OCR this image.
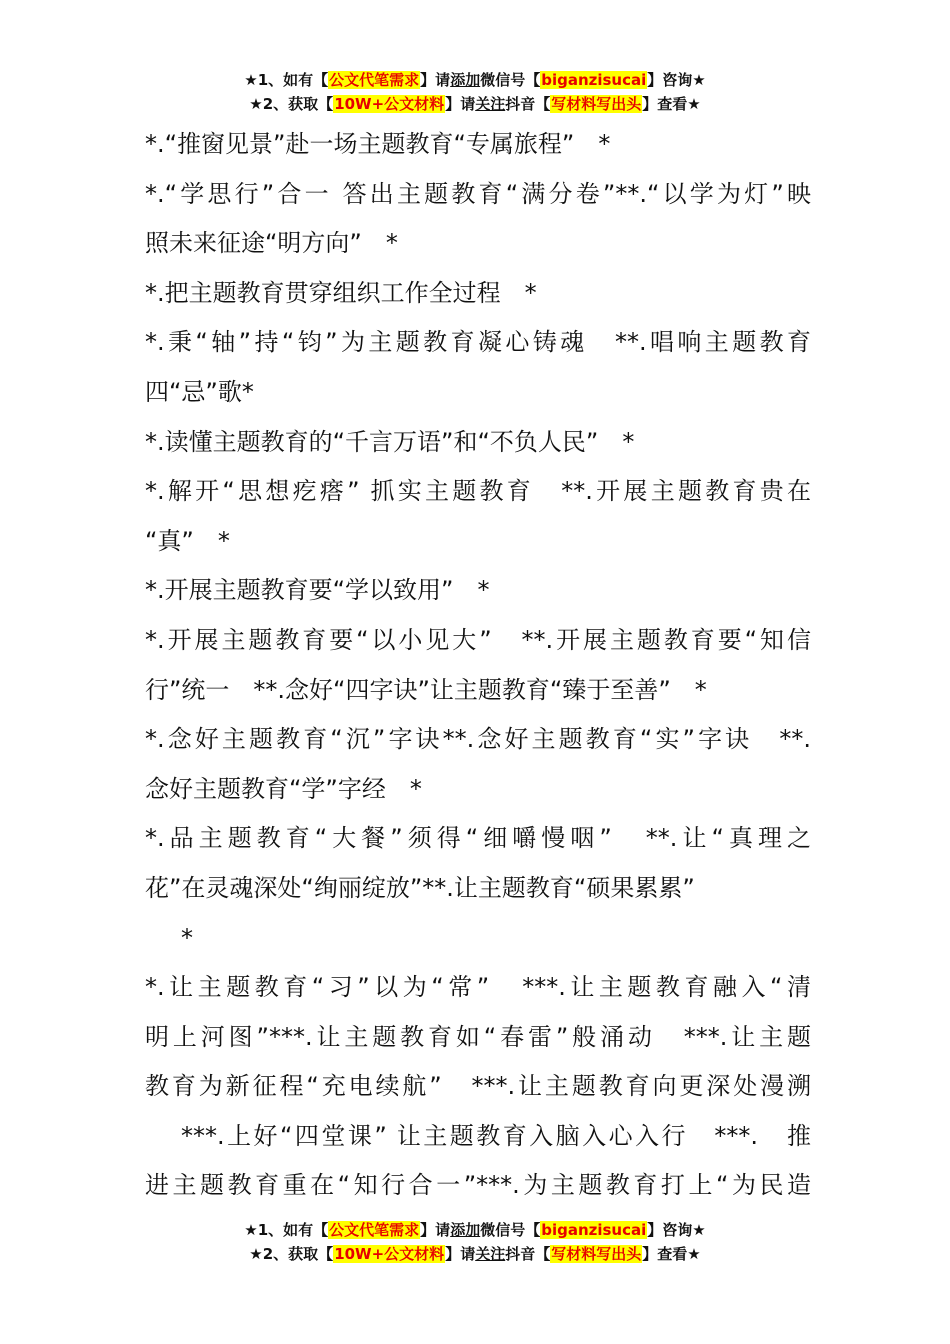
★1、如有【公文代笔需求】请添加微信号【biganzisucai】咨询★
★2、获取【10W+公文材料】请关注抖音【写材料写出头】查看★
*.“推窗见景”赴一场主题教育“专属旅程”　*
*.“学思行”合一 答出主题教育“满分卷”**.“以学为灯”映
照未来征途“明方向”　*
*.把主题教育贯穿组织工作全过程　*
*.秉“轴”持“钧”为主题教育凝心铸魂　**.唱响主题教育
四“忌”歌*
*.读懂主题教育的“千言万语”和“不负人民”　*
*.解开“思想疙瘩” 抓实主题教育　**.开展主题教育贵在
“真”　*
*.开展主题教育要“学以致用”　*
*.开展主题教育要“以小见大”　**.开展主题教育要“知信
行”统一　**.念好“四字诀”让主题教育“臻于至善”　*
*.念好主题教育“沉”字诀**.念好主题教育“实”字诀　**.
念好主题教育“学”字经　*
*.品主题教育“大餐”须得“细嚼慢咽”　**.让“真理之
花”在灵魂深处“绚丽绽放”**.让主题教育“硕果累累”
*
*.让主题教育“习”以为“常”　***.让主题教育融入“清
明上河图”***.让主题教育如“春雷”般涌动　***.让主题
教育为新征程“充电续航”　***.让主题教育向更深处漫溯
***.上好“四堂课” 让主题教育入脑入心入行　***.　推
进主题教育重在“知行合一”***.为主题教育打上“为民造
★1、如有【公文代笔需求】请添加微信号【biganzisucai】咨询★
★2、获取【10W+公文材料】请关注抖音【写材料写出头】查看★
